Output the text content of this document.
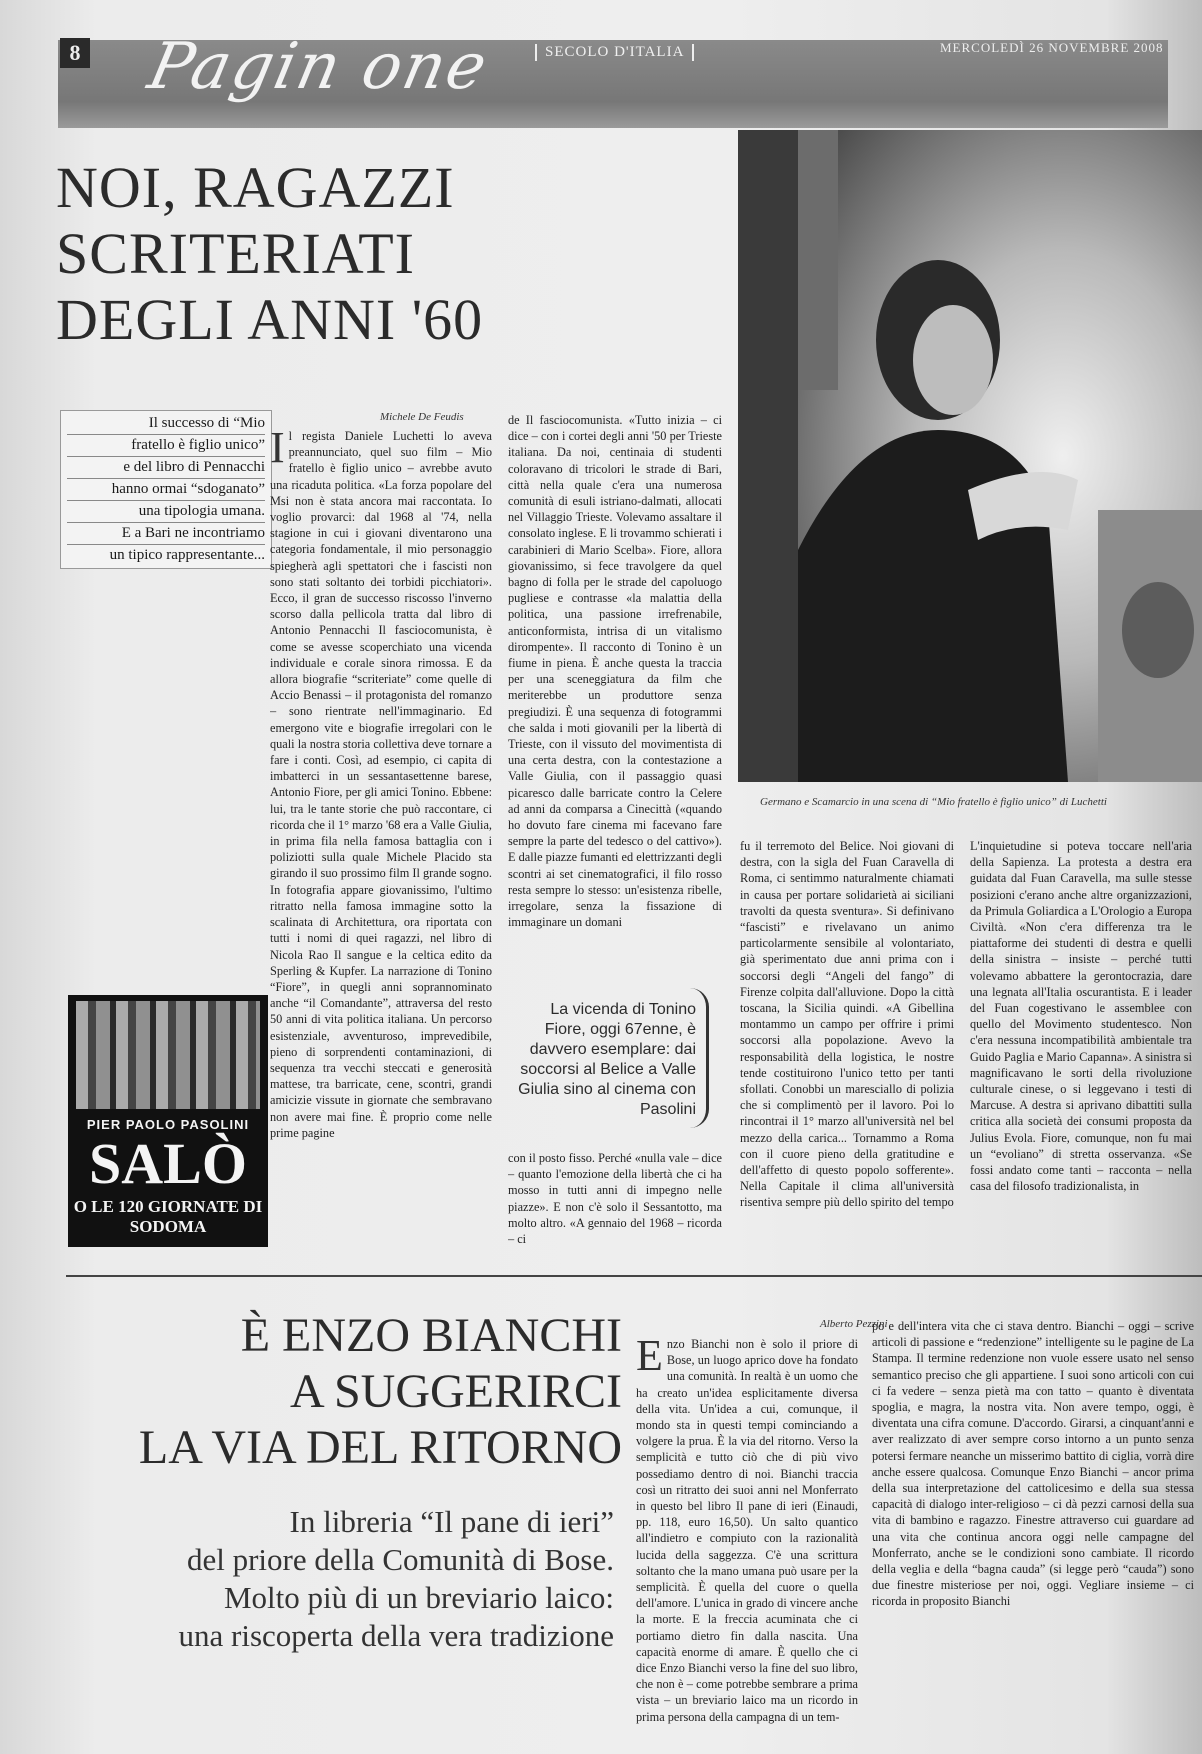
8 Pagin one	SECOLO D'ITALIA	MERCOLEDÌ 26 NOVEMBRE 2008
NOI, RAGAZZI
SCRITERIATI
DEGLI ANNI '60
Germano e Scamarcio in una scena di “Mio fratello è figlio unico” di Luchetti
Il successo di “Mio
fratello è figlio unico”
e del libro di Pennacchi
hanno ormai “sdoganato”
una tipologia umana.
E a Bari ne incontriamo
un tipico rappresentante...
Michele De Feudis
I l regista Daniele Luchetti lo aveva preannunciato, quel suo film – Mio fratello è figlio unico – avrebbe avuto una ricaduta politica. «La forza popolare del Msi non è stata ancora mai raccontata. Io voglio provarci: dal 1968 al '74, nella stagione in cui i giovani diventarono una categoria fondamentale, il mio personaggio spiegherà agli spettatori che i fascisti non sono stati soltanto dei torbidi picchiatori». Ecco, il gran de successo riscosso l'inverno scorso dalla pellicola tratta dal libro di Antonio Pennacchi Il fasciocomunista, è come se avesse scoperchiato una vicenda individuale e corale sinora rimossa. E da allora biografie “scriteriate” come quelle di Accio Benassi – il protagonista del romanzo – sono rientrate nell'immaginario. Ed emergono vite e biografie irregolari con le quali la nostra storia collettiva deve tornare a fare i conti. Così, ad esempio, ci capita di imbatterci in un sessantasettenne barese, Antonio Fiore, per gli amici Tonino. Ebbene: lui, tra le tante storie che può raccontare, ci ricorda che il 1° marzo '68 era a Valle Giulia, in prima fila nella famosa battaglia con i poliziotti sulla quale Michele Placido sta girando il suo prossimo film Il grande sogno. In fotografia appare giovanissimo, l'ultimo ritratto nella famosa immagine sotto la scalinata di Architettura, ora riportata con tutti i nomi di quei ragazzi, nel libro di Nicola Rao Il sangue e la celtica edito da Sperling & Kupfer. La narrazione di Tonino “Fiore”, in quegli anni soprannominato anche “il Comandante”, attraversa del resto 50 anni di vita politica italiana. Un percorso esistenziale, avventuroso, imprevedibile, pieno di sorprendenti contaminazioni, di sequenza tra vecchi steccati e generosità mattese, tra barricate, cene, scontri, grandi amicizie vissute in giornate che sembravano non avere mai fine. È proprio come nelle prime pagine
de Il fasciocomunista. «Tutto inizia – ci dice – con i cortei degli anni '50 per Trieste italiana. Da noi, centinaia di studenti coloravano di tricolori le strade di Bari, città nella quale c'era una numerosa comunità di esuli istriano-dalmati, allocati nel Villaggio Trieste. Volevamo assaltare il consolato inglese. E li trovammo schierati i carabinieri di Mario Scelba». Fiore, allora giovanissimo, si fece travolgere da quel bagno di folla per le strade del capoluogo pugliese e contrasse «la malattia della politica, una passione irrefrenabile, anticonformista, intrisa di un vitalismo dirompente». Il racconto di Tonino è un fiume in piena. È anche questa la traccia per una sceneggiatura da film che meriterebbe un produttore senza pregiudizi. È una sequenza di fotogrammi che salda i moti giovanili per la libertà di Trieste, con il vissuto del movimentista di una certa destra, con la contestazione a Valle Giulia, con il passaggio quasi picaresco dalle barricate contro la Celere ad anni da comparsa a Cinecittà («quando ho dovuto fare cinema mi facevano fare sempre la parte del tedesco o del cattivo»). E dalle piazze fumanti ed elettrizzanti degli scontri ai set cinematografici, il filo rosso resta sempre lo stesso: un'esistenza ribelle, irregolare, senza la fissazione di immaginare un domani
La vicenda di Tonino Fiore, oggi 67enne, è davvero esemplare: dai soccorsi al Belice a Valle Giulia sino al cinema con Pasolini
con il posto fisso. Perché «nulla vale – dice – quanto l'emozione della libertà che ci ha mosso in tutti anni di impegno nelle piazze». E non c'è solo il Sessantotto, ma molto altro. «A gennaio del 1968 – ricorda – ci
fu il terremoto del Belice. Noi giovani di destra, con la sigla del Fuan Caravella di Roma, ci sentimmo naturalmente chiamati in causa per portare solidarietà ai siciliani travolti da questa sventura». Si definivano “fascisti” e rivelavano un animo particolarmente sensibile al volontariato, già sperimentato due anni prima con i soccorsi degli “Angeli del fango” di Firenze colpita dall'alluvione. Dopo la città toscana, la Sicilia quindi. «A Gibellina montammo un campo per offrire i primi soccorsi alla popolazione. Avevo la responsabilità della logistica, le nostre tende costituirono l'unico tetto per tanti sfollati. Conobbi un maresciallo di polizia che si complimentò per il lavoro. Poi lo rincontrai il 1° marzo all'università nel bel mezzo della carica... Tornammo a Roma con il cuore pieno della gratitudine e dell'affetto di questo popolo sofferente». Nella Capitale il clima all'università risentiva sempre più dello spirito del tempo
L'inquietudine si poteva toccare nell'aria della Sapienza. La protesta a destra era guidata dal Fuan Caravella, ma sulle stesse posizioni c'erano anche altre organizzazioni, da Primula Goliardica a L'Orologio a Europa Civiltà. «Non c'era differenza tra le piattaforme dei studenti di destra e quelli della sinistra – insiste – perché tutti volevamo abbattere la gerontocrazia, dare una legnata all'Italia oscurantista. E i leader del Fuan cogestivano le assemblee con quello del Movimento studentesco. Non c'era nessuna incompatibilità ambientale tra Guido Paglia e Mario Capanna». A sinistra si magnificavano le sorti della rivoluzione culturale cinese, o si leggevano i testi di Marcuse. A destra si aprivano dibattiti sulla critica alla società dei consumi proposta da Julius Evola. Fiore, comunque, non fu mai un “evoliano” di stretta osservanza. «Se fossi andato come tanti – racconta – nella casa del filosofo tradizionalista, in
PIER PAOLO PASOLINI
SALÒ
O LE 120 GIORNATE DI SODOMA
È ENZO BIANCHI
A SUGGERIRCI
LA VIA DEL RITORNO
In libreria “Il pane di ieri”
del priore della Comunità di Bose.
Molto più di un breviario laico:
una riscoperta della vera tradizione
Alberto Pezzini
E nzo Bianchi non è solo il priore di Bose, un luogo aprico dove ha fondato una comunità. In realtà è un uomo che ha creato un'idea esplicitamente diversa della vita. Un'idea a cui, comunque, il mondo sta in questi tempi cominciando a volgere la prua. È la via del ritorno. Verso la semplicità e tutto ciò che di più vivo possediamo dentro di noi. Bianchi traccia così un ritratto dei suoi anni nel Monferrato in questo bel libro Il pane di ieri (Einaudi, pp. 118, euro 16,50). Un salto quantico all'indietro e compiuto con la razionalità lucida della saggezza. C'è una scrittura soltanto che la mano umana può usare per la semplicità. È quella del cuore o quella dell'amore. L'unica in grado di vincere anche la morte. E la freccia acuminata che ci portiamo dietro fin dalla nascita. Una capacità enorme di amare. È quello che ci dice Enzo Bianchi verso la fine del suo libro, che non è – come potrebbe sembrare a prima vista – un breviario laico ma un ricordo in prima persona della campagna di un tem-
po e dell'intera vita che ci stava dentro. Bianchi – oggi – scrive articoli di passione e “redenzione” intelligente su le pagine de La Stampa. Il termine redenzione non vuole essere usato nel senso semantico preciso che gli appartiene. I suoi sono articoli con cui ci fa vedere – senza pietà ma con tatto – quanto è diventata spoglia, e magra, la nostra vita. Non avere tempo, oggi, è diventata una cifra comune. D'accordo. Girarsi, a cinquant'anni e aver realizzato di aver sempre corso intorno a un punto senza potersi fermare neanche un misserimo battito di ciglia, vorrà dire anche essere qualcosa. Comunque Enzo Bianchi – ancor prima della sua interpretazione del cattolicesimo e della sua stessa capacità di dialogo inter-religioso – ci dà pezzi carnosi della sua vita di bambino e ragazzo. Finestre attraverso cui guardare ad una vita che continua ancora oggi nelle campagne del Monferrato, anche se le condizioni sono cambiate. Il ricordo della veglia e della “bagna cauda” (si legge però “cauda”) sono due finestre misteriose per noi, oggi. Vegliare insieme – ci ricorda in proposito Bianchi
